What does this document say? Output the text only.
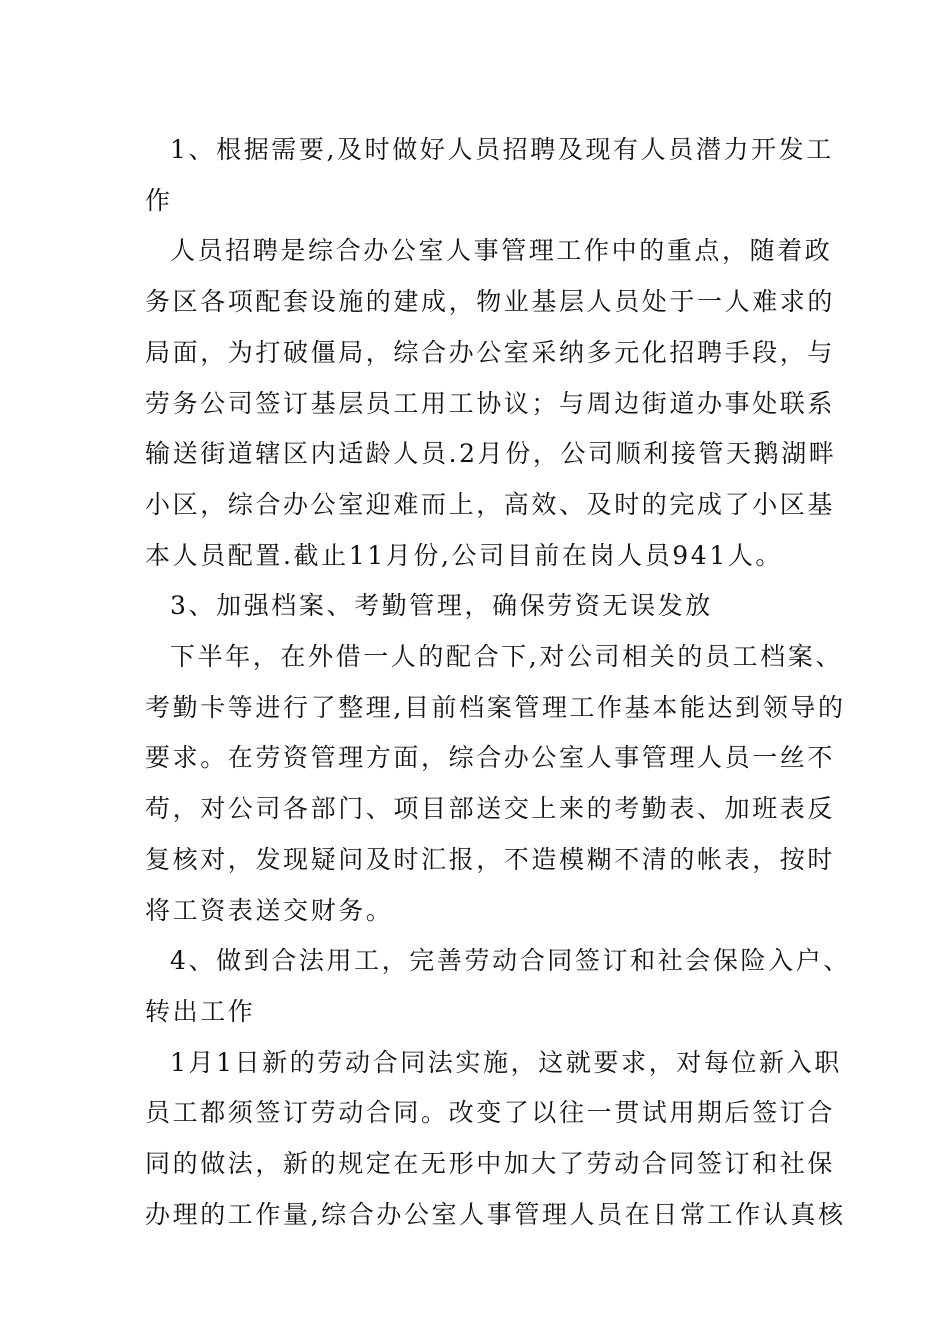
1、根据需要,及时做好人员招聘及现有人员潜力开发工
作

人员招聘是综合办公室人事管理工作中的重点，随着政
务区各项配套设施的建成，物业基层人员处于一人难求的
局面，为打破僵局，综合办公室采纳多元化招聘手段，与
劳务公司签订基层员工用工协议；与周边街道办事处联系
输送街道辖区内适龄人员.2月份，公司顺利接管天鹅湖畔
小区，综合办公室迎难而上，高效、及时的完成了小区基
本人员配置.截止11月份,公司目前在岗人员941人。

3、加强档案、考勤管理，确保劳资无误发放

下半年，在外借一人的配合下,对公司相关的员工档案、
考勤卡等进行了整理,目前档案管理工作基本能达到领导的
要求。在劳资管理方面，综合办公室人事管理人员一丝不
苟，对公司各部门、项目部送交上来的考勤表、加班表反
复核对，发现疑问及时汇报，不造模糊不清的帐表，按时
将工资表送交财务。

4、做到合法用工，完善劳动合同签订和社会保险入户、
转出工作

1月1日新的劳动合同法实施，这就要求，对每位新入职
员工都须签订劳动合同。改变了以往一贯试用期后签订合
同的做法，新的规定在无形中加大了劳动合同签订和社保
办理的工作量,综合办公室人事管理人员在日常工作认真核
